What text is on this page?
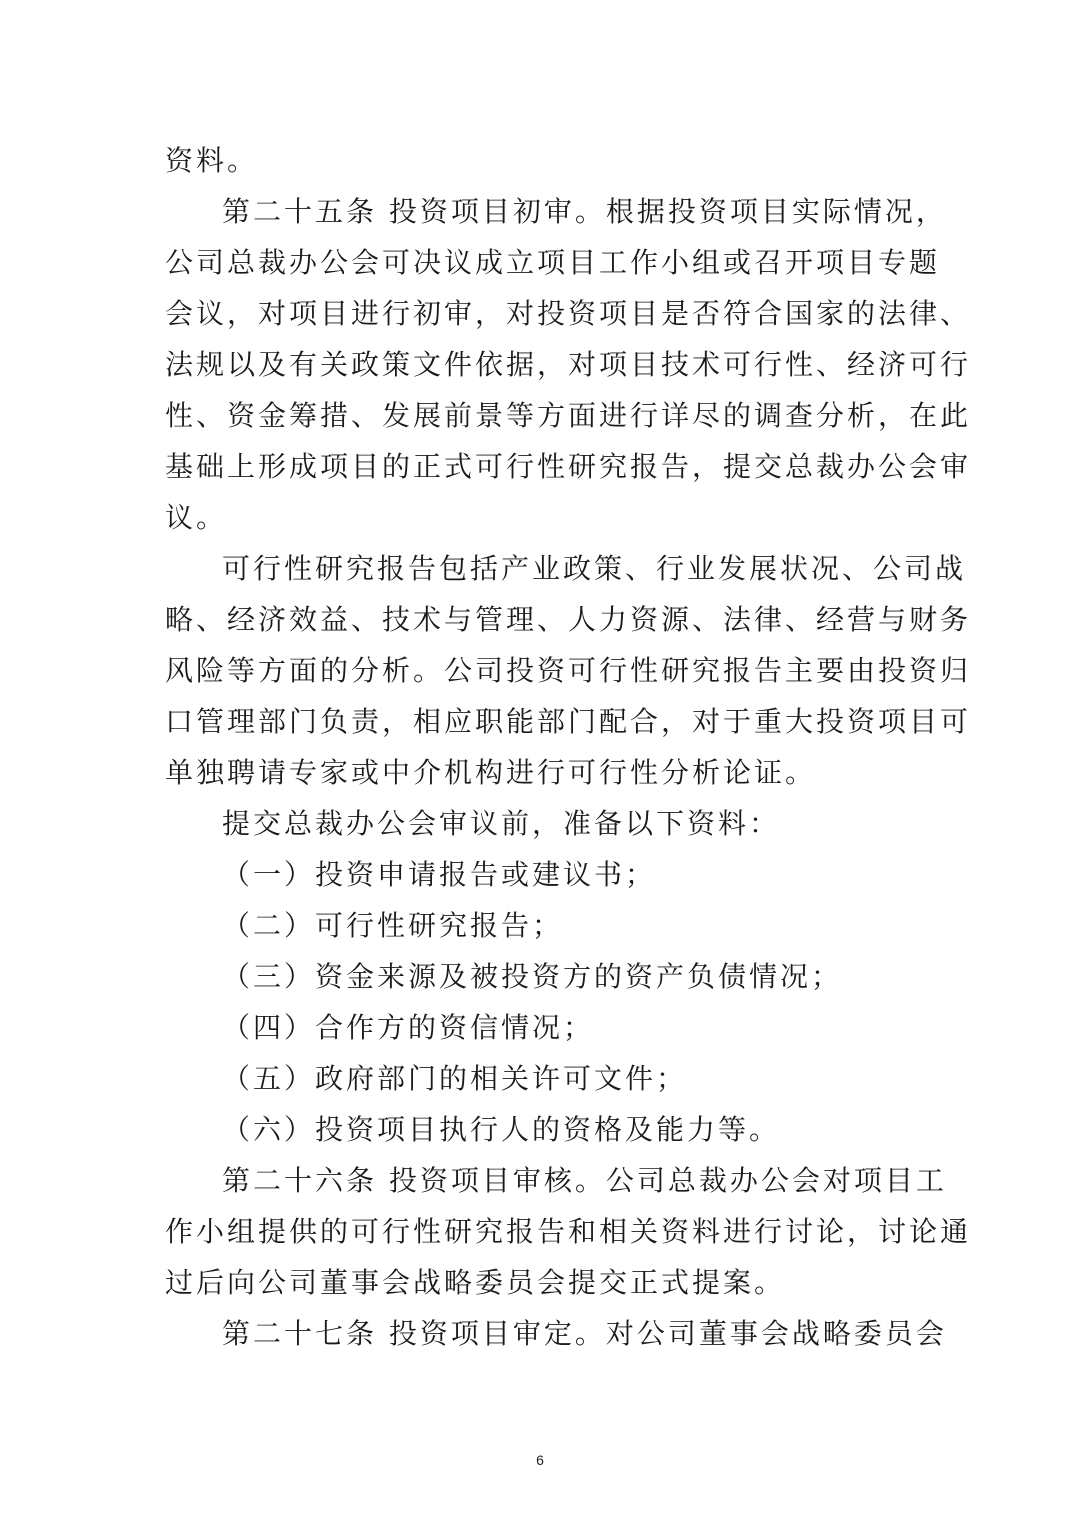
资料。
第二十五条 投资项目初审。根据投资项目实际情况，
公司总裁办公会可决议成立项目工作小组或召开项目专题
会议，对项目进行初审，对投资项目是否符合国家的法律、
法规以及有关政策文件依据，对项目技术可行性、经济可行
性、资金筹措、发展前景等方面进行详尽的调查分析，在此
基础上形成项目的正式可行性研究报告，提交总裁办公会审
议。
可行性研究报告包括产业政策、行业发展状况、公司战
略、经济效益、技术与管理、人力资源、法律、经营与财务
风险等方面的分析。公司投资可行性研究报告主要由投资归
口管理部门负责，相应职能部门配合，对于重大投资项目可
单独聘请专家或中介机构进行可行性分析论证。
提交总裁办公会审议前，准备以下资料：
（一）投资申请报告或建议书；
（二）可行性研究报告；
（三）资金来源及被投资方的资产负债情况；
（四）合作方的资信情况；
（五）政府部门的相关许可文件；
（六）投资项目执行人的资格及能力等。
第二十六条 投资项目审核。公司总裁办公会对项目工
作小组提供的可行性研究报告和相关资料进行讨论，讨论通
过后向公司董事会战略委员会提交正式提案。
第二十七条 投资项目审定。对公司董事会战略委员会
6
